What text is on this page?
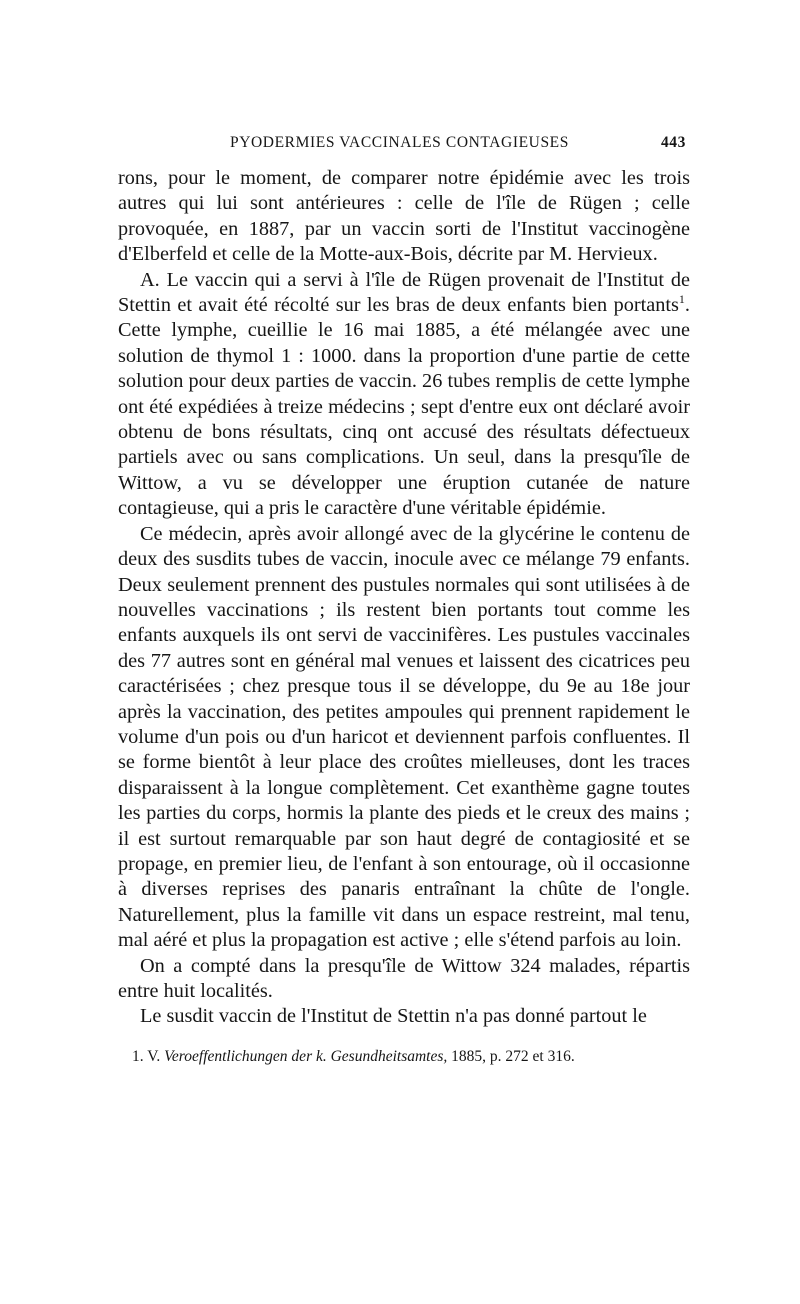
PYODERMIES VACCINALES CONTAGIEUSES	443

rons, pour le moment, de comparer notre épidémie avec les trois autres qui lui sont antérieures : celle de l'île de Rügen ; celle provoquée, en 1887, par un vaccin sorti de l'Institut vaccinogène d'Elberfeld et celle de la Motte-aux-Bois, décrite par M. Hervieux.

A. Le vaccin qui a servi à l'île de Rügen provenait de l'Institut de Stettin et avait été récolté sur les bras de deux enfants bien portants$^1$. Cette lymphe, cueillie le 16 mai 1885, a été mélangée avec une solution de thymol 1 : 1000. dans la proportion d'une partie de cette solution pour deux parties de vaccin. 26 tubes remplis de cette lymphe ont été expédiées à treize médecins ; sept d'entre eux ont déclaré avoir obtenu de bons résultats, cinq ont accusé des résultats défectueux partiels avec ou sans complications. Un seul, dans la presqu'île de Wittow, a vu se développer une éruption cutanée de nature contagieuse, qui a pris le caractère d'une véritable épidémie.

Ce médecin, après avoir allongé avec de la glycérine le contenu de deux des susdits tubes de vaccin, inocule avec ce mélange 79 enfants. Deux seulement prennent des pustules normales qui sont utilisées à de nouvelles vaccinations ; ils restent bien portants tout comme les enfants auxquels ils ont servi de vaccinifères. Les pustules vaccinales des 77 autres sont en général mal venues et laissent des cicatrices peu caractérisées ; chez presque tous il se développe, du 9e au 18e jour après la vaccination, des petites ampoules qui prennent rapidement le volume d'un pois ou d'un haricot et deviennent parfois confluentes. Il se forme bientôt à leur place des croûtes mielleuses, dont les traces disparaissent à la longue complètement. Cet exanthème gagne toutes les parties du corps, hormis la plante des pieds et le creux des mains ; il est surtout remarquable par son haut degré de contagiosité et se propage, en premier lieu, de l'enfant à son entourage, où il occasionne à diverses reprises des panaris entraînant la chûte de l'ongle. Naturellement, plus la famille vit dans un espace restreint, mal tenu, mal aéré et plus la propagation est active ; elle s'étend parfois au loin.

On a compté dans la presqu'île de Wittow 324 malades, répartis entre huit localités.

Le susdit vaccin de l'Institut de Stettin n'a pas donné partout le

1. V. Veroeffentlichungen der k. Gesundheitsamtes, 1885, p. 272 et 316.
